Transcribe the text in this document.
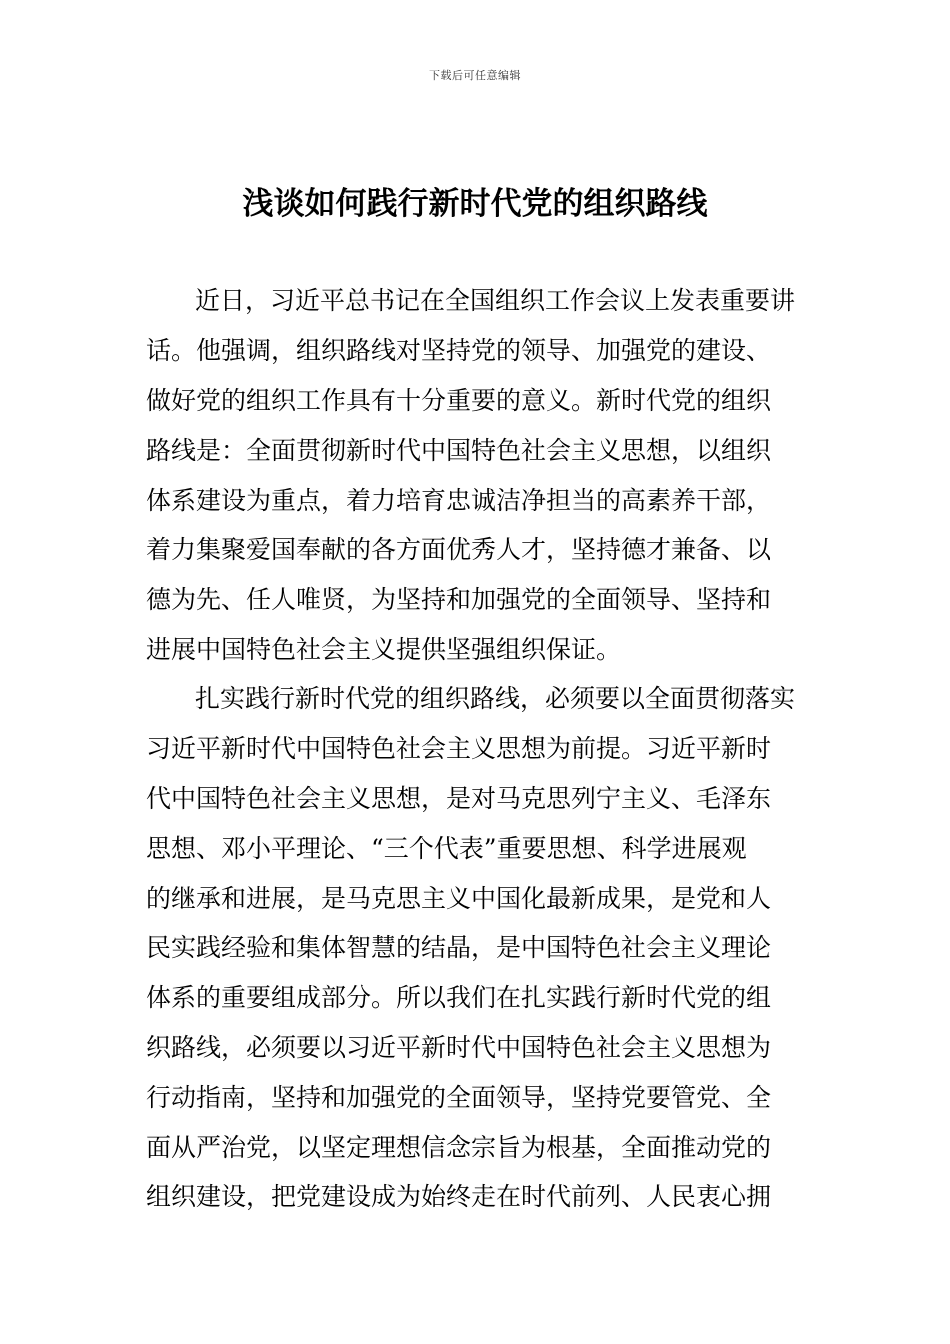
下载后可任意编辑
浅谈如何践行新时代党的组织路线
近日，习近平总书记在全国组织工作会议上发表重要讲
话。他强调，组织路线对坚持党的领导、加强党的建设、
做好党的组织工作具有十分重要的意义。新时代党的组织
路线是：全面贯彻新时代中国特色社会主义思想，以组织
体系建设为重点，着力培育忠诚洁净担当的高素养干部，
着力集聚爱国奉献的各方面优秀人才，坚持德才兼备、以
德为先、任人唯贤，为坚持和加强党的全面领导、坚持和
进展中国特色社会主义提供坚强组织保证。
扎实践行新时代党的组织路线，必须要以全面贯彻落实
习近平新时代中国特色社会主义思想为前提。习近平新时
代中国特色社会主义思想，是对马克思列宁主义、毛泽东
思想、邓小平理论、“三个代表”重要思想、科学进展观
的继承和进展，是马克思主义中国化最新成果，是党和人
民实践经验和集体智慧的结晶，是中国特色社会主义理论
体系的重要组成部分。所以我们在扎实践行新时代党的组
织路线，必须要以习近平新时代中国特色社会主义思想为
行动指南，坚持和加强党的全面领导，坚持党要管党、全
面从严治党，以坚定理想信念宗旨为根基，全面推动党的
组织建设，把党建设成为始终走在时代前列、人民衷心拥
